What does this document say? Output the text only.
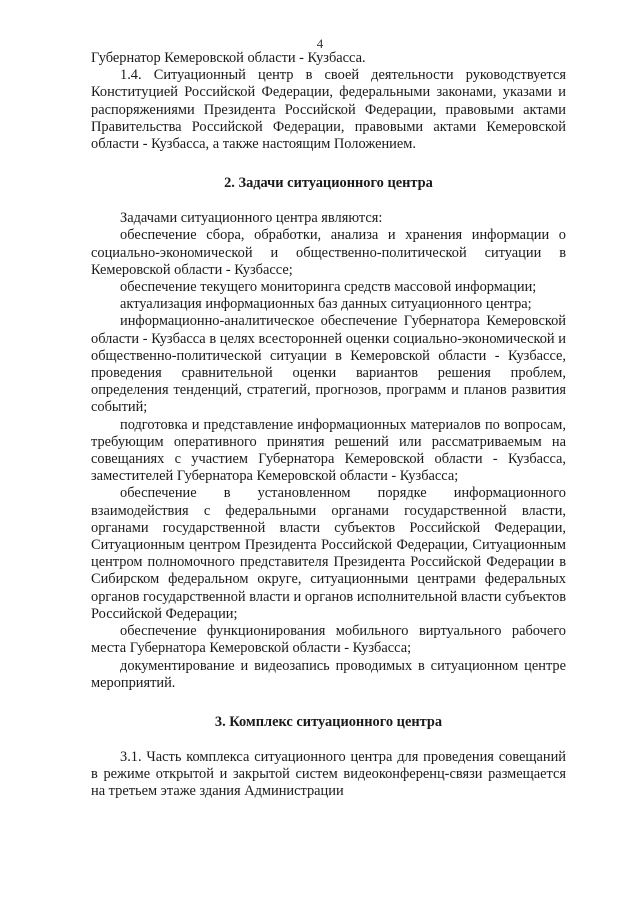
4

Губернатор Кемеровской области - Кузбасса.

1.4. Ситуационный центр в своей деятельности руководствуется Конституцией Российской Федерации, федеральными законами, указами и распоряжениями Президента Российской Федерации, правовыми актами Правительства Российской Федерации, правовыми актами Кемеровской области - Кузбасса, а также настоящим Положением.

2. Задачи ситуационного центра

Задачами ситуационного центра являются:

обеспечение сбора, обработки, анализа и хранения информации о социально-экономической и общественно-политической ситуации в Кемеровской области - Кузбассе;

обеспечение текущего мониторинга средств массовой информации;

актуализация информационных баз данных ситуационного центра;

информационно-аналитическое обеспечение Губернатора Кемеровской области - Кузбасса в целях всесторонней оценки социально-экономической и общественно-политической ситуации в Кемеровской области - Кузбассе, проведения сравнительной оценки вариантов решения проблем, определения тенденций, стратегий, прогнозов, программ и планов развития событий;

подготовка и представление информационных материалов по вопросам, требующим оперативного принятия решений или рассматриваемым на совещаниях с участием Губернатора Кемеровской области - Кузбасса, заместителей Губернатора Кемеровской области - Кузбасса;

обеспечение в установленном порядке информационного взаимодействия с федеральными органами государственной власти, органами государственной власти субъектов Российской Федерации, Ситуационным центром Президента Российской Федерации, Ситуационным центром полномочного представителя Президента Российской Федерации в Сибирском федеральном округе, ситуационными центрами федеральных органов государственной власти и органов исполнительной власти субъектов Российской Федерации;

обеспечение функционирования мобильного виртуального рабочего места Губернатора Кемеровской области - Кузбасса;

документирование и видеозапись проводимых в ситуационном центре мероприятий.

3. Комплекс ситуационного центра

3.1. Часть комплекса ситуационного центра для проведения совещаний в режиме открытой и закрытой систем видеоконференц-связи размещается на третьем этаже здания Администрации
